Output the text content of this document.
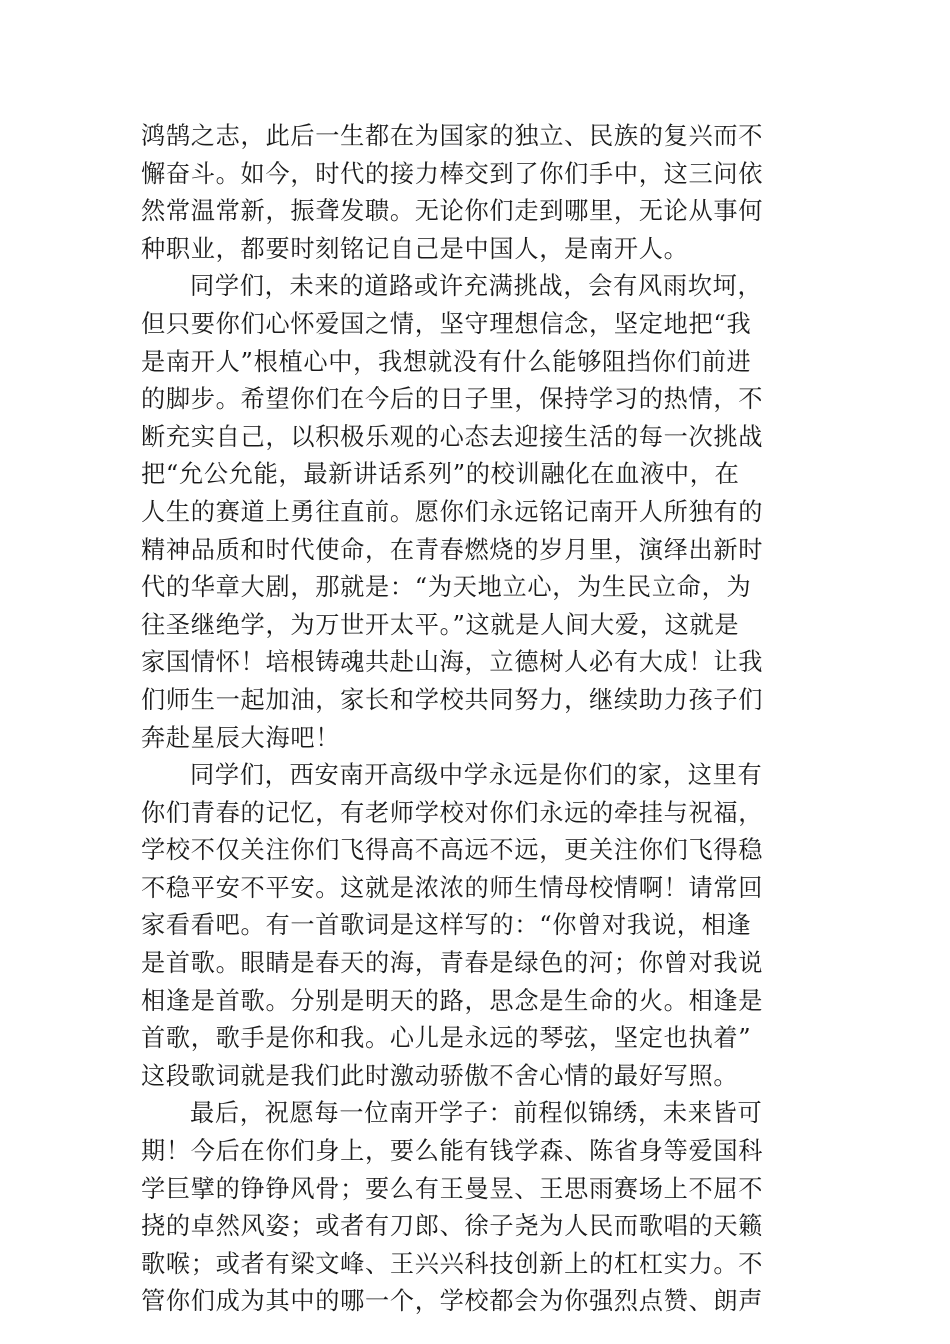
鸿鹄之志，此后一生都在为国家的独立、民族的复兴而不
懈奋斗。如今，时代的接力棒交到了你们手中，这三问依
然常温常新，振聋发聩。无论你们走到哪里，无论从事何
种职业，都要时刻铭记自己是中国人，是南开人。
同学们，未来的道路或许充满挑战，会有风雨坎坷，
但只要你们心怀爱国之情，坚守理想信念，坚定地把“我
是南开人”根植心中，我想就没有什么能够阻挡你们前进
的脚步。希望你们在今后的日子里，保持学习的热情，不
断充实自己，以积极乐观的心态去迎接生活的每一次挑战
把“允公允能，最新讲话系列”的校训融化在血液中，在
人生的赛道上勇往直前。愿你们永远铭记南开人所独有的
精神品质和时代使命，在青春燃烧的岁月里，演绎出新时
代的华章大剧，那就是：“为天地立心，为生民立命，为
往圣继绝学，为万世开太平。”这就是人间大爱，这就是
家国情怀！培根铸魂共赴山海，立德树人必有大成！让我
们师生一起加油，家长和学校共同努力，继续助力孩子们
奔赴星辰大海吧！
同学们，西安南开高级中学永远是你们的家，这里有
你们青春的记忆，有老师学校对你们永远的牵挂与祝福，
学校不仅关注你们飞得高不高远不远，更关注你们飞得稳
不稳平安不平安。这就是浓浓的师生情母校情啊！请常回
家看看吧。有一首歌词是这样写的：“你曾对我说，相逢
是首歌。眼睛是春天的海，青春是绿色的河；你曾对我说
相逢是首歌。分别是明天的路，思念是生命的火。相逢是
首歌，歌手是你和我。心儿是永远的琴弦，坚定也执着”
这段歌词就是我们此时激动骄傲不舍心情的最好写照。
最后，祝愿每一位南开学子：前程似锦绣，未来皆可
期！今后在你们身上，要么能有钱学森、陈省身等爱国科
学巨擘的铮铮风骨；要么有王曼昱、王思雨赛场上不屈不
挠的卓然风姿；或者有刀郎、徐子尧为人民而歌唱的天籁
歌喉；或者有梁文峰、王兴兴科技创新上的杠杠实力。不
管你们成为其中的哪一个，学校都会为你强烈点赞、朗声
